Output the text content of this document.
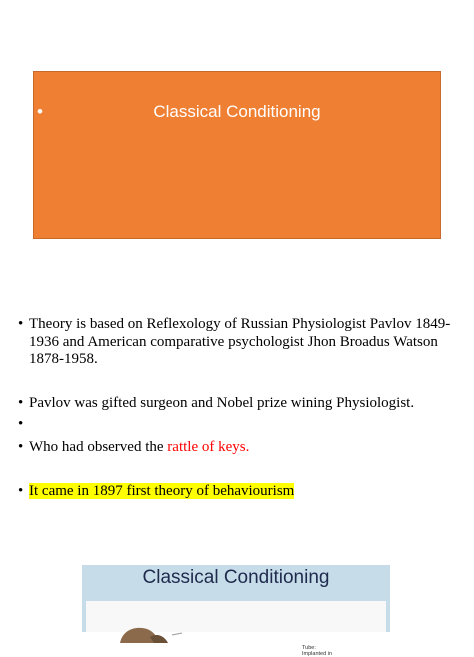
•	Classical Conditioning
• Theory is based on Reflexology of Russian Physiologist Pavlov 1849-1936 and American comparative psychologist Jhon Broadus Watson 1878-1958.
• Pavlov was gifted surgeon and Nobel prize wining Physiologist.
•
• Who had observed the rattle of keys.
• It came in 1897 first theory of behaviourism
Classical Conditioning
Tube:
Implanted in
